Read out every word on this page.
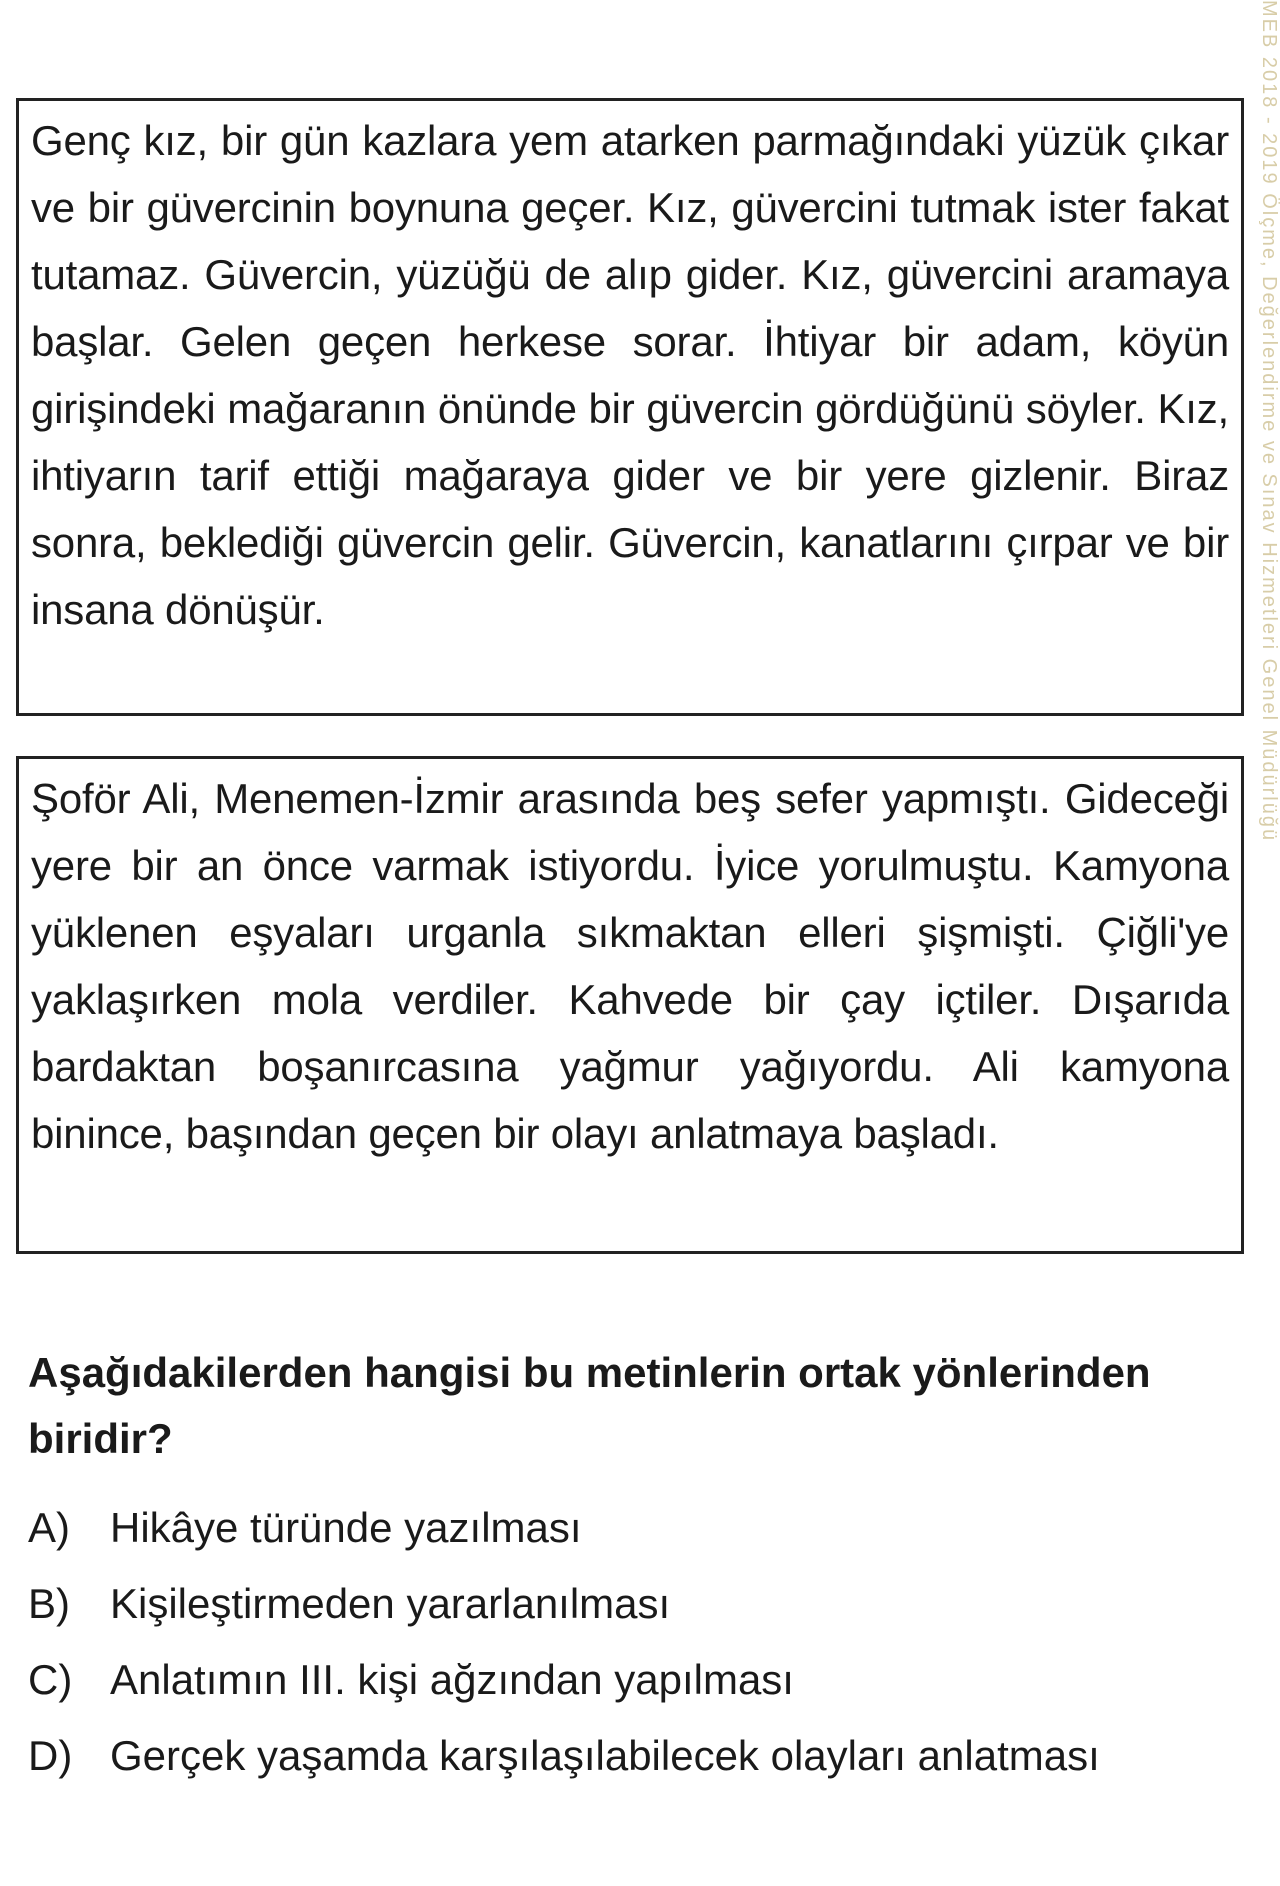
Genç kız, bir gün kazlara yem atarken parmağındaki yüzük çıkar ve bir güvercinin boynuna geçer. Kız, güvercini tutmak ister fakat tutamaz. Güvercin, yüzüğü de alıp gider. Kız, güvercini aramaya başlar. Gelen geçen herkese sorar. İhtiyar bir adam, köyün girişindeki mağaranın önünde bir güvercin gördüğünü söyler. Kız, ihtiyarın tarif ettiği mağaraya gider ve bir yere gizlenir. Biraz sonra, beklediği güvercin gelir. Güvercin, kanatlarını çırpar ve bir insana dönüşür.

Şoför Ali, Menemen-İzmir arasında beş sefer yapmıştı. Gideceği yere bir an önce varmak istiyordu. İyice yorulmuştu. Kamyona yüklenen eşyaları urganla sıkmaktan elleri şişmişti. Çiğli'ye yaklaşırken mola verdiler. Kahvede bir çay içtiler. Dışarıda bardaktan boşanırcasına yağmur yağıyordu. Ali kamyona binince, başından geçen bir olayı anlatmaya başladı.

Aşağıdakilerden hangisi bu metinlerin ortak yönlerinden biridir?

A) Hikâye türünde yazılması
B) Kişileştirmeden yararlanılması
C) Anlatımın III. kişi ağzından yapılması
D) Gerçek yaşamda karşılaşılabilecek olayları anlatması
MEB 2018 - 2019 Ölçme, Değerlendirme ve Sınav Hizmetleri Genel Müdürlüğü
